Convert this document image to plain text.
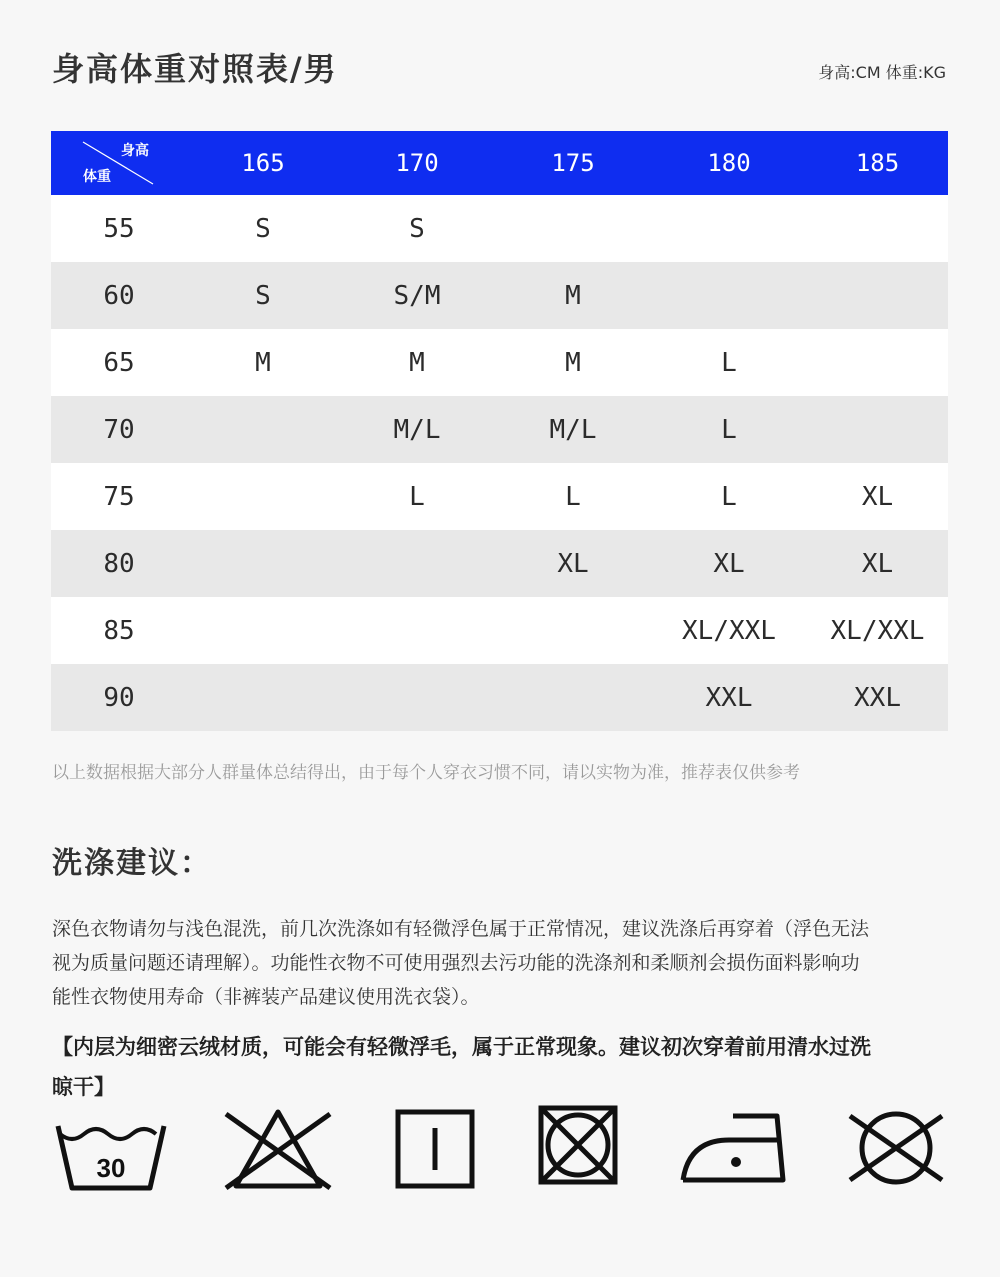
身高体重对照表/男	身高:CM 体重:KG
身高
体重	165	170	175	180	185
55	S	S			
60	S	S/M	M		
65	M	M	M	L	
70		M/L	M/L	L	
75		L	L	L	XL
80			XL	XL	XL
85				XL/XXL	XL/XXL
90				XXL	XXL
以上数据根据大部分人群量体总结得出，由于每个人穿衣习惯不同，请以实物为准，推荐表仅供参考
洗涤建议：
深色衣物请勿与浅色混洗，前几次洗涤如有轻微浮色属于正常情况，建议洗涤后再穿着（浮色无法
视为质量问题还请理解）。功能性衣物不可使用强烈去污功能的洗涤剂和柔顺剂会损伤面料影响功
能性衣物使用寿命（非裤装产品建议使用洗衣袋）。
【内层为细密云绒材质，可能会有轻微浮毛，属于正常现象。建议初次穿着前用清水过洗
晾干】
30
